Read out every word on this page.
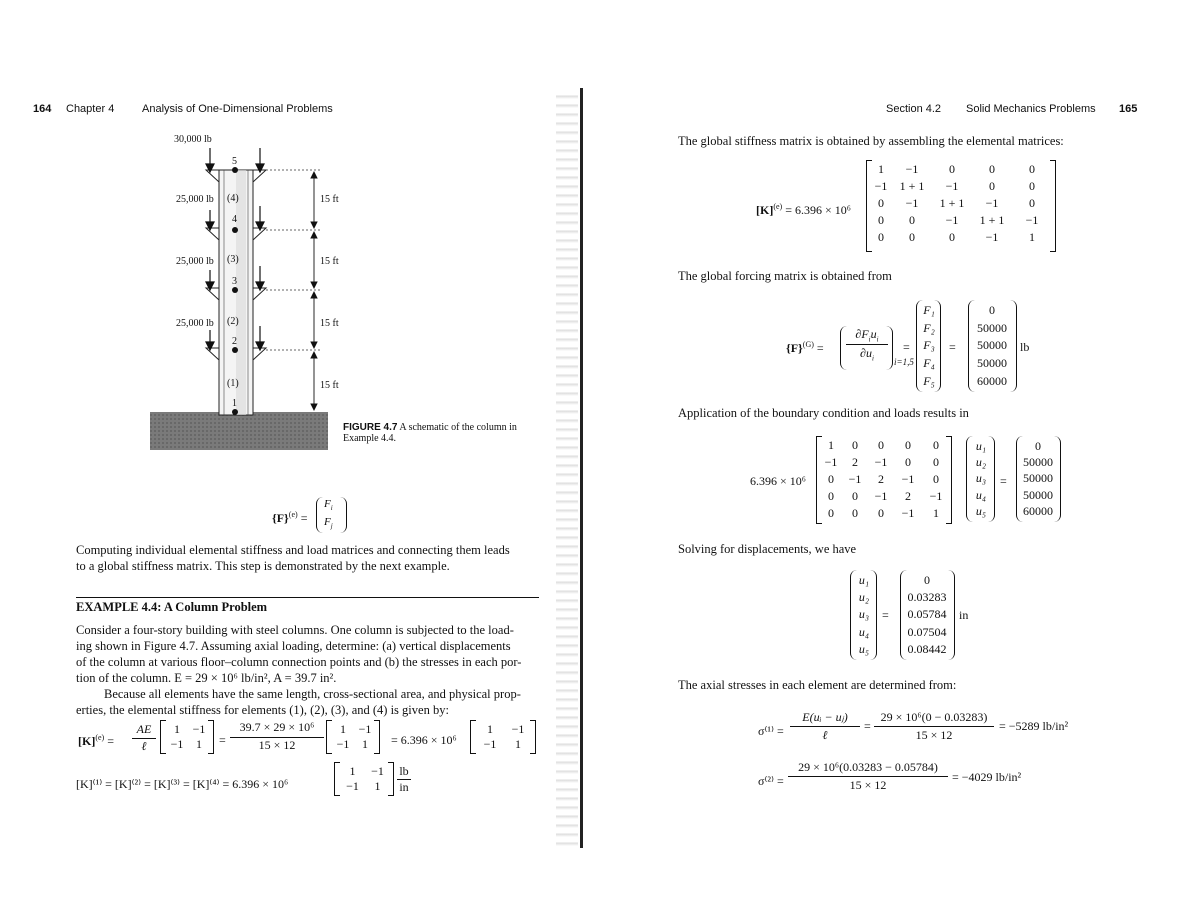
164 Chapter 4	Analysis of One-Dimensional Problems
30,000 lb
25,000 lb
25,000 lb
25,000 lb
5
4
3
2
1
(4)
(3)
(2)
(1)
15 ft
15 ft
15 ft
15 ft
FIGURE 4.7 A schematic of the column in
Example 4.4.
$\{F\}^{(e)}$ =
$F_i$
$F_j$
Computing individual elemental stiffness and load matrices and connecting them leads
to a global stiffness matrix. This step is demonstrated by the next example.
EXAMPLE 4.4: A Column Problem
Consider a four-story building with steel columns. One column is subjected to the load-
ing shown in Figure 4.7. Assuming axial loading, determine: (a) vertical displacements
of the column at various floor–column connection points and (b) the stresses in each por-
tion of the column. E = 29 × 10⁶ lb/in², A = 39.7 in².
Because all elements have the same length, cross-sectional area, and physical prop-
erties, the elemental stiffness for elements (1), (2), (3), and (4) is given by:
$[K]^{(e)}$ =
AE
ℓ
1	−1
−1	1	=
39.7 × 29 × 10⁶
15 × 12
1	−1
−1	1	= 6.396 × 10⁶
1	−1
−1	1
[K]⁽¹⁾ = [K]⁽²⁾ = [K]⁽³⁾ = [K]⁽⁴⁾ = 6.396 × 10⁶
1	−1
−1	1
lb
in
Section 4.2 Solid Mechanics Problems 165
The global stiffness matrix is obtained by assembling the elemental matrices:
$[K]^{(e)} = 6.396 \times 10^6$
1	−1	0	0	0
−1	1 + 1	−1	0	0
0	−1	1 + 1	−1	0
0	0	−1	1 + 1	−1
0	0	0	−1	1
The global forcing matrix is obtained from
$\{F\}^{(G)}$ =
$\partial F_iu_i$
$\partial u_i$	i=1,5
=
F₁
F₂
F₃
F₄
F₅
=
0
50000
50000
50000
60000
lb
Application of the boundary condition and loads results in
6.396 × 10⁶
1	0	0	0	0
−1	2	−1	0	0
0	−1	2	−1	0
0	0	−1	2	−1
0	0	0	−1	1
u₁
u₂
u₃
u₄
u₅
=
0
50000
50000
50000
60000
Solving for displacements, we have
u₁
u₂
u₃
u₄
u₅
=
0
0.03283
0.05784
0.07504
0.08442
in
The axial stresses in each element are determined from:
σ⁽¹⁾ =
E(uᵢ − uⱼ)
ℓ
=
29 × 10⁶(0 − 0.03283)
15 × 12
= −5289 lb/in²
σ⁽²⁾ =
29 × 10⁶(0.03283 − 0.05784)
15 × 12
= −4029 lb/in²
